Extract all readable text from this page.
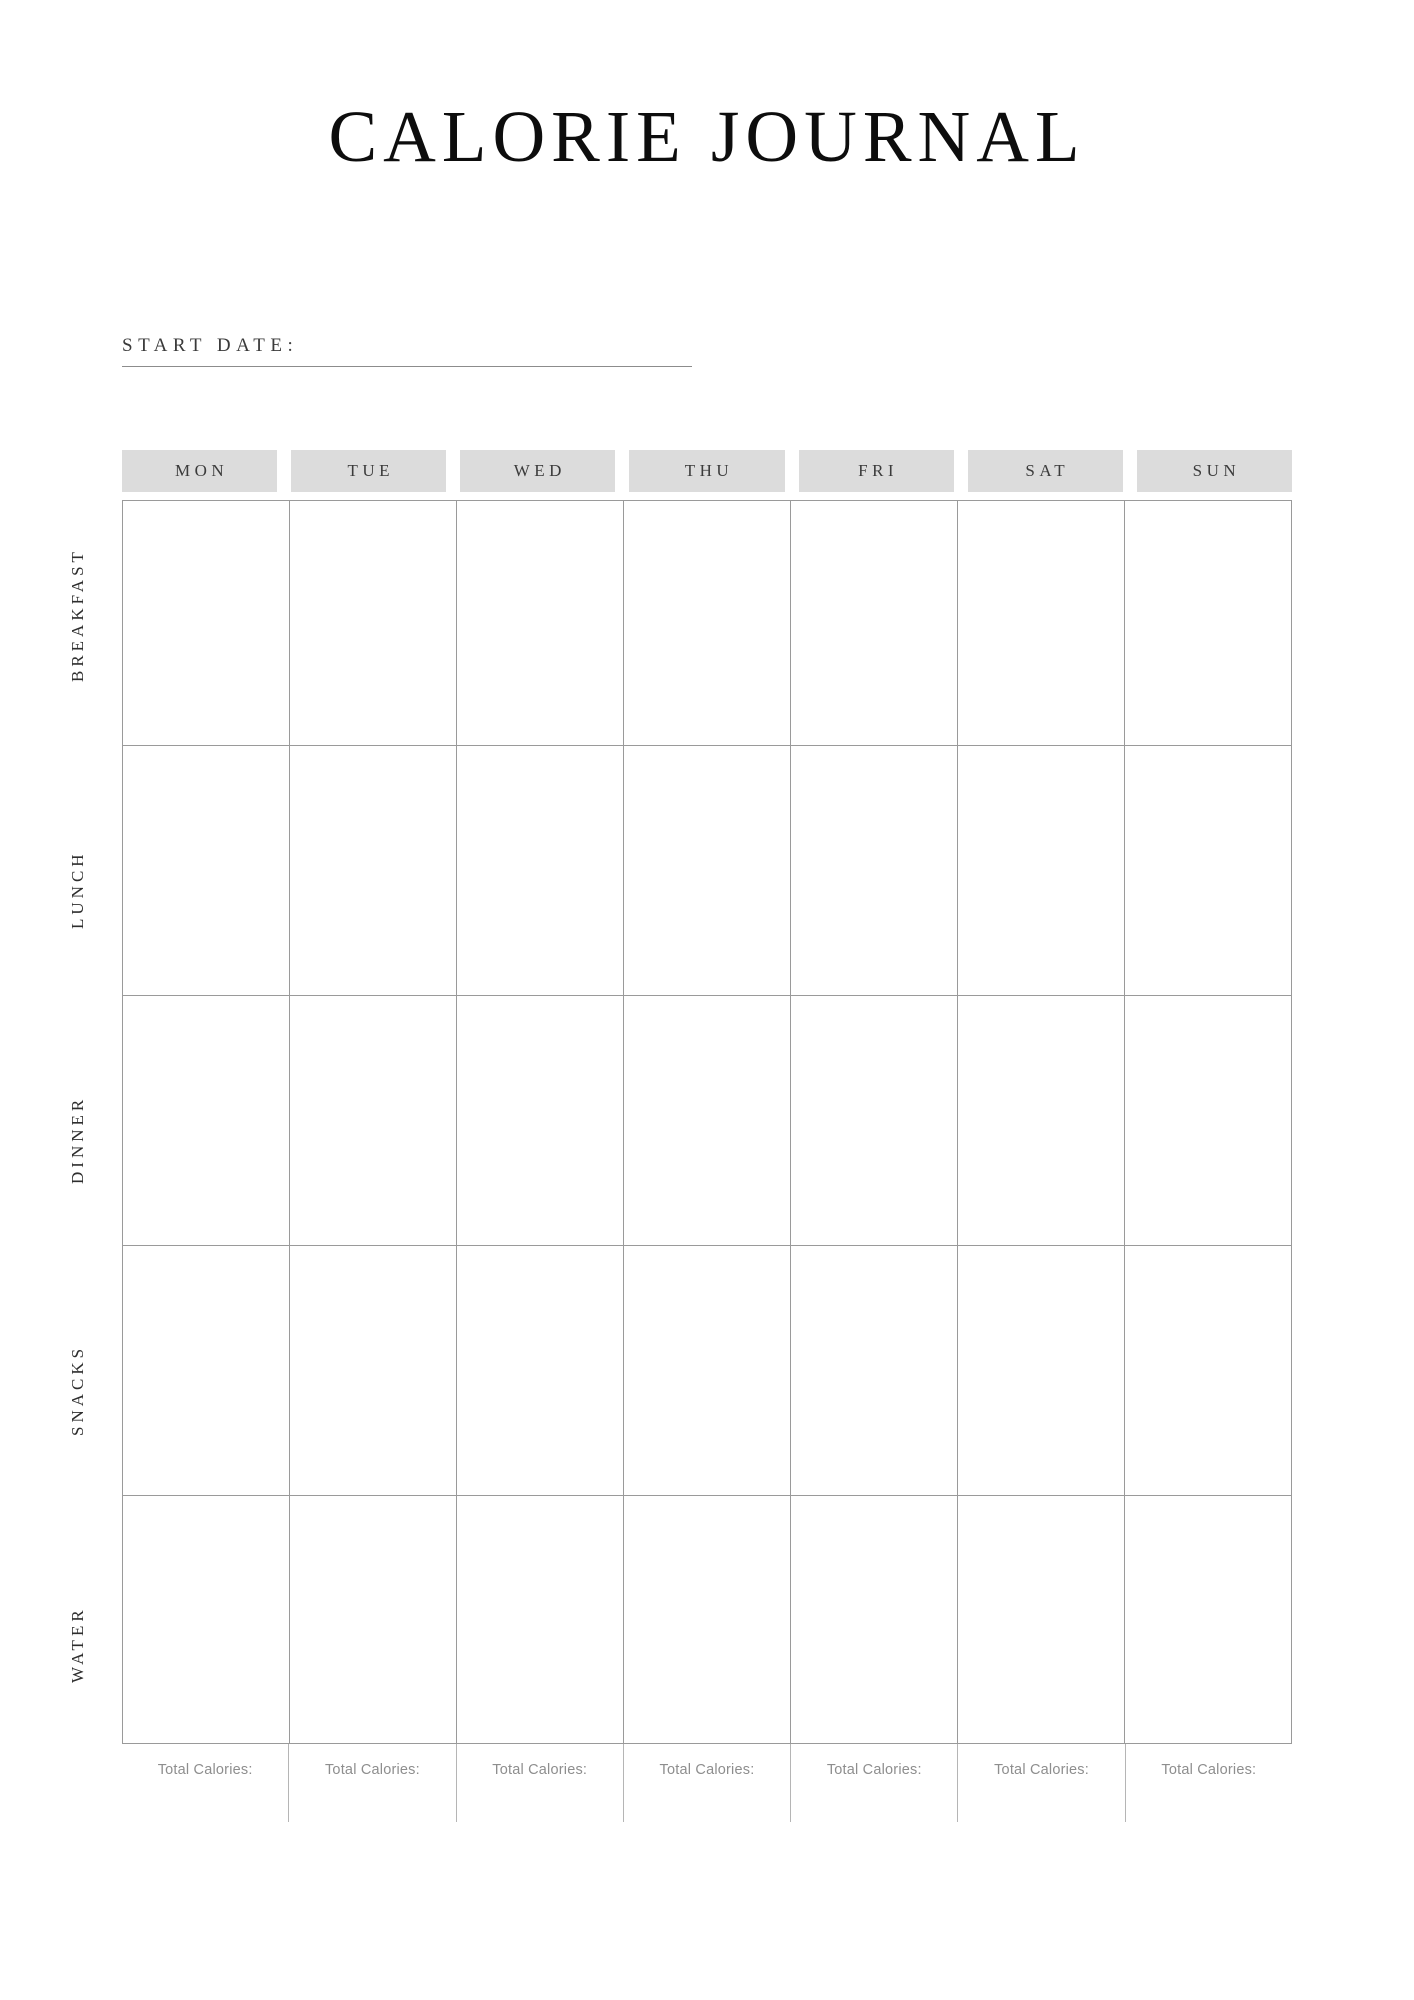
CALORIE JOURNAL
START DATE:
MON	TUE	WED	THU	FRI	SAT	SUN
BREAKFAST
LUNCH
DINNER
SNACKS
WATER
Total Calories:	Total Calories:	Total Calories:	Total Calories:	Total Calories:	Total Calories:	Total Calories:
